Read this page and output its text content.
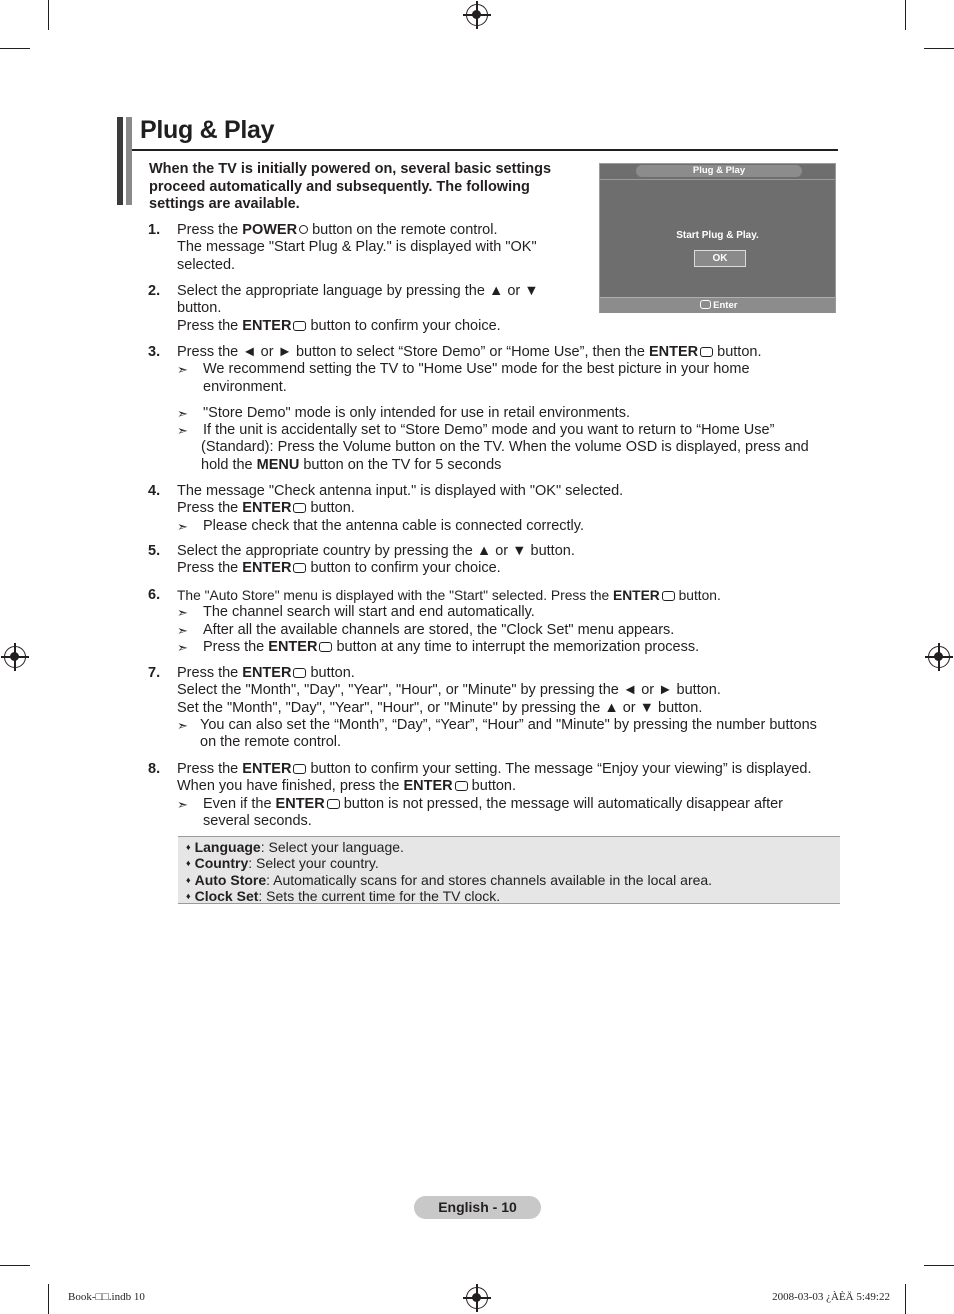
Plug & Play
When the TV is initially powered on, several basic settings proceed automatically and subsequently. The following settings are available.
Plug & Play
Start Plug & Play.
OK
Enter
1. Press the POWER button on the remote control.
The message "Start Plug & Play." is displayed with "OK"
selected.
2. Select the appropriate language by pressing the ▲ or ▼
button.
Press the ENTER button to confirm your choice.
3. Press the ◄ or ► button to select “Store Demo” or “Home Use”, then the ENTER button.
➣ We recommend setting the TV to "Home Use" mode for the best picture in your home
environment.
➣ "Store Demo" mode is only intended for use in retail environments.
➣ If the unit is accidentally set to “Store Demo” mode and you want to return to “Home Use”
(Standard): Press the Volume button on the TV. When the volume OSD is displayed, press and
hold the MENU button on the TV for 5 seconds
4. The message "Check antenna input." is displayed with "OK" selected.
Press the ENTER button.
➣ Please check that the antenna cable is connected correctly.
5. Select the appropriate country by pressing the ▲ or ▼ button.
Press the ENTER button to confirm your choice.
6. The "Auto Store" menu is displayed with the "Start" selected. Press the ENTER button.
➣ The channel search will start and end automatically.
➣ After all the available channels are stored, the "Clock Set" menu appears.
➣ Press the ENTER button at any time to interrupt the memorization process.
7. Press the ENTER button.
Select the "Month", "Day", "Year", "Hour", or "Minute" by pressing the ◄ or ► button.
Set the "Month", "Day", "Year", "Hour", or "Minute" by pressing the ▲ or ▼ button.
➣ You can also set the “Month”, “Day”, “Year”, “Hour” and "Minute" by pressing the number buttons
on the remote control.
8. Press the ENTER button to confirm your setting. The message “Enjoy your viewing” is displayed.
When you have finished, press the ENTER button.
➣ Even if the ENTER button is not pressed, the message will automatically disappear after
several seconds.
♦ Language: Select your language.
♦ Country: Select your country.
♦ Auto Store: Automatically scans for and stores channels available in the local area.
♦ Clock Set: Sets the current time for the TV clock.
English - 10
Book-□□.indb 10	2008-03-03 ¿ÀÈÄ 5:49:22
